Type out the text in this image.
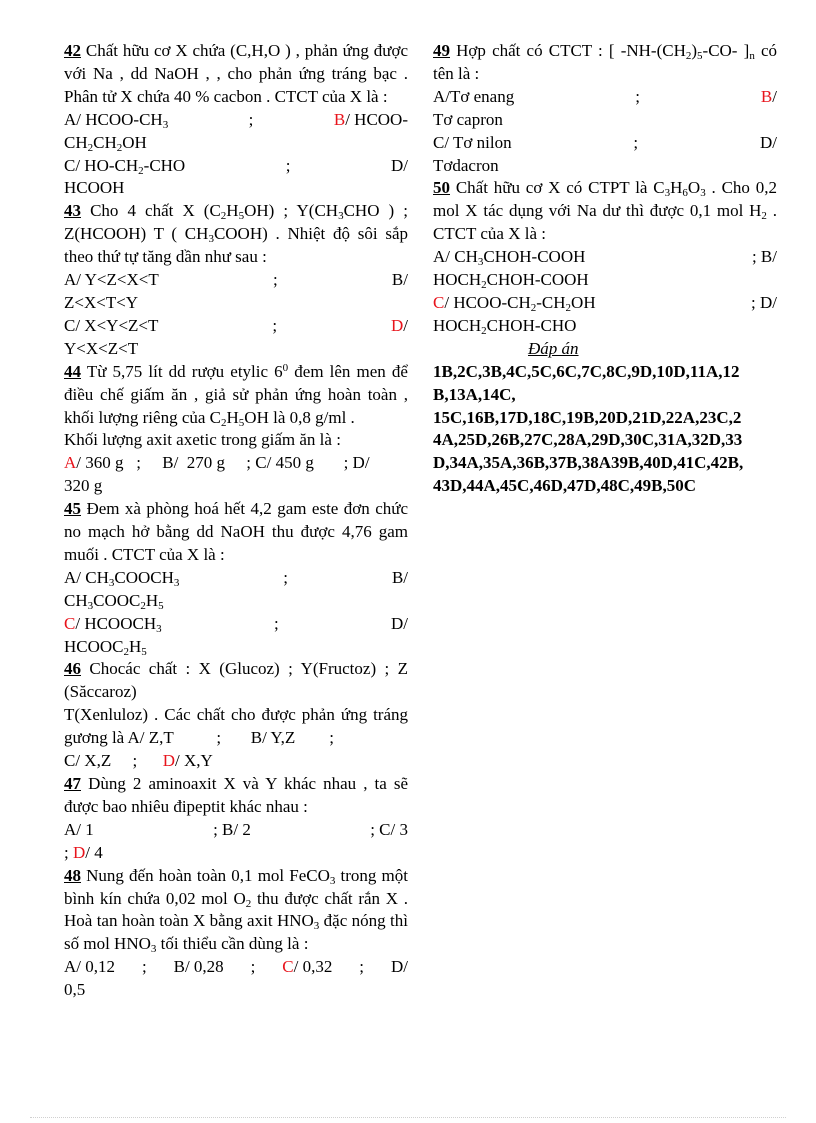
42 Chất hữu cơ X chứa (C,H,O ) , phản ứng được với Na , dd NaOH , , cho phản ứng tráng bạc . Phân tử X chứa 40 % cacbon . CTCT của X là :
A/ HCOO-$CH_3$	;	B/ HCOO-
$CH_2CH_2OH$
C/ $HO-CH_2$-CHO	;	D/
HCOOH
43 Cho 4 chất X $(C_2H_5OH)$ ; $Y(CH_3CHO$ ) ; Z(HCOOH) T ( $CH_3COOH$) . Nhiệt độ sôi sắp theo thứ tự tăng dần như sau :
A/ Y<Z<X<T	;	B/
Z<X<T<Y
C/ X<Y<Z<T	;	D/
Y<X<Z<T
44 Từ 5,75 lít dd rượu etylic $6^0$ đem lên men để điều chế giấm ăn , giả sử phản ứng hoàn toàn , khối lượng riêng của $C_2H_5OH$ là 0,8 g/ml .
Khối lượng axit axetic trong giấm ăn là :
A/ 360 g   ;     B/  270 g     ; C/ 450 g       ; D/
320 g
45 Đem xà phòng hoá hết 4,2 gam este đơn chức no mạch hở bằng dd NaOH thu được 4,76 gam muối . CTCT của X là :
A/ $CH_3COOCH_3$	;	B/
$CH_3COOC_2H_5$
C/ $HCOOCH_3$	;	D/
$HCOOC_2H_5$
46 Chocác chất : X (Glucoz) ; Y(Fructoz) ; Z (Săccaroz)
T(Xenluloz) . Các chất cho được phản ứng tráng gương là A/ Z,T	; B/ Y,Z ;
C/ X,Z ; D/ X,Y
47 Dùng 2 aminoaxit X và Y khác nhau , ta sẽ được bao nhiêu đipeptit khác nhau :
A/ 1	; B/ 2	; C/ 3
; D/ 4
48 Nung đến hoàn toàn 0,1 mol FeCO$_3$ trong một bình kín chứa 0,02 mol $O_2$ thu được chất rắn X . Hoà tan hoàn toàn X bằng axit $HNO_3$ đặc nóng thì số mol $HNO_3$ tối thiểu cần dùng là :
A/ 0,12 ; B/ 0,28 ; C/ 0,32 ; D/
0,5
49 Hợp chất có CTCT : [ $-NH-(CH_2)_5-CO-$ ]$_n$ có tên là :
A/Tơ enang	;	B/
Tơ capron
C/ Tơ nilon	;	D/
Tơdacron
50 Chất hữu cơ X có CTPT là $C_3H_6O_3$ . Cho 0,2 mol X tác dụng với Na dư thì được 0,1 mol $H_2$ . CTCT của X là :
A/ $CH_3CHOH$-COOH	; B/
$HOCH_2CHOH$-COOH
C/ HCOO-$CH_2-CH_2OH$	; D/
$HOCH_2CHOH$-CHO
Đáp án
1B,2C,3B,4C,5C,6C,7C,8C,9D,10D,11A,12
B,13A,14C,
15C,16B,17D,18C,19B,20D,21D,22A,23C,2
4A,25D,26B,27C,28A,29D,30C,31A,32D,33
D,34A,35A,36B,37B,38A39B,40D,41C,42B,
43D,44A,45C,46D,47D,48C,49B,50C
